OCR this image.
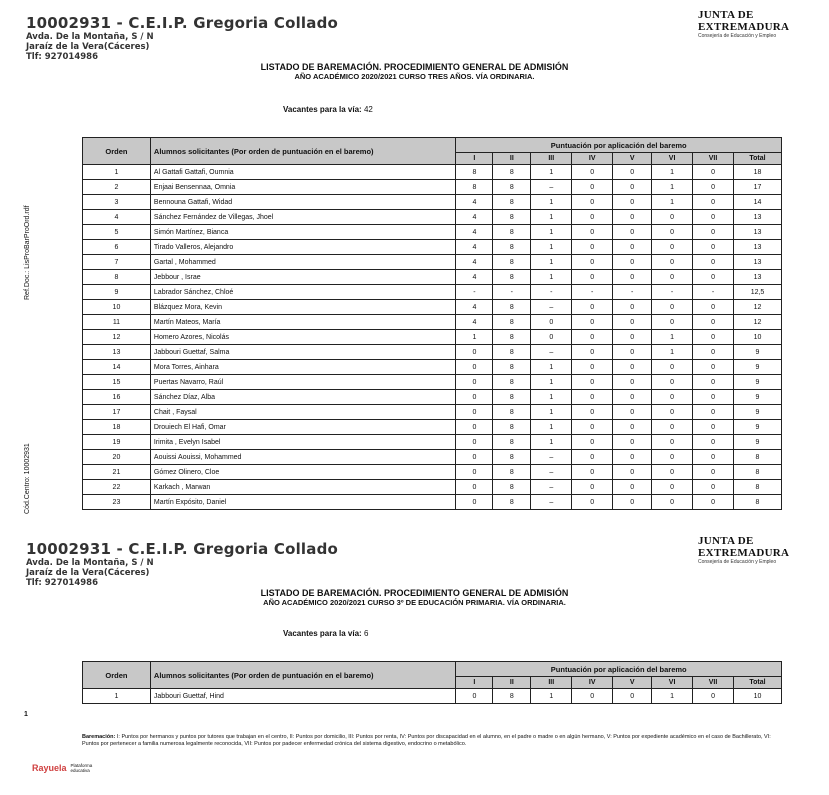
10002931 - C.E.I.P. Gregoria Collado
Avda. De la Montaña, S / N
Jaraíz de la Vera(Cáceres)
Tlf: 927014986
JUNTA DE EXTREMADURA
Consejería de Educación y Empleo
LISTADO DE BAREMACIÓN. PROCEDIMIENTO GENERAL DE ADMISIÓN
AÑO ACADÉMICO 2020/2021 CURSO TRES AÑOS. VÍA ORDINARIA.
Vacantes para la vía: 42
Ref.Doc.: LisProBarProOrd.rdf
Cód.Centro: 10002931
Orden	Alumnos solicitantes (Por orden de puntuación en el baremo)	Puntuación por aplicación del baremo							
		I	II	III	IV	V	VI	VII	Total
1	Al Gattafi Gattafi, Oumnia	8	8	1	0	0	1	0	18
2	Enjaai Bensennaa, Omnia	8	8	–	0	0	1	0	17
3	Bennouna Gattafi, Widad	4	8	1	0	0	1	0	14
4	Sánchez Fernández de Villegas, Jhoel	4	8	1	0	0	0	0	13
5	Simón Martínez, Bianca	4	8	1	0	0	0	0	13
6	Tirado Valleros, Alejandro	4	8	1	0	0	0	0	13
7	Gartal , Mohammed	4	8	1	0	0	0	0	13
8	Jebbour , Israe	4	8	1	0	0	0	0	13
9	Labrador Sánchez, Chloé	-	-	-	-	-	-	-	12,5
10	Blázquez Mora, Kevin	4	8	–	0	0	0	0	12
11	Martín Mateos, María	4	8	0	0	0	0	0	12
12	Homero Azores, Nicolás	1	8	0	0	0	1	0	10
13	Jabbouri Guettaf, Salma	0	8	–	0	0	1	0	9
14	Mora Torres, Ainhara	0	8	1	0	0	0	0	9
15	Puertas Navarro, Raúl	0	8	1	0	0	0	0	9
16	Sánchez Díaz, Alba	0	8	1	0	0	0	0	9
17	Chait , Faysal	0	8	1	0	0	0	0	9
18	Drouiech El Hafi, Omar	0	8	1	0	0	0	0	9
19	Irimita , Evelyn Isabel	0	8	1	0	0	0	0	9
20	Aouissi Aouissi, Mohammed	0	8	–	0	0	0	0	8
21	Gómez Olinero, Cloe	0	8	–	0	0	0	0	8
22	Karkach , Marwan	0	8	–	0	0	0	0	8
23	Martín Expósito, Daniel	0	8	–	0	0	0	0	8
10002931 - C.E.I.P. Gregoria Collado
Avda. De la Montaña, S / N
Jaraíz de la Vera(Cáceres)
Tlf: 927014986
JUNTA DE EXTREMADURA
Consejería de Educación y Empleo
LISTADO DE BAREMACIÓN. PROCEDIMIENTO GENERAL DE ADMISIÓN
AÑO ACADÉMICO 2020/2021 CURSO 3º DE EDUCACIÓN PRIMARIA. VÍA ORDINARIA.
Vacantes para la vía: 6
Orden	Alumnos solicitantes (Por orden de puntuación en el baremo)	Puntuación por aplicación del baremo							
		I	II	III	IV	V	VI	VII	Total
1	Jabbouri Guettaf, Hind	0	8	1	0	0	1	0	10
1
Baremación: I: Puntos por hermanos y puntos por tutores que trabajan en el centro, II: Puntos por domicilio, III: Puntos por renta, IV: Puntos por discapacidad en el alumno, en el padre o madre o en algún hermano, V: Puntos por expediente académico en el caso de Bachillerato, VI: Puntos por pertenecer a familia numerosa legalmente reconocida, VII: Puntos por padecer enfermedad crónica del sistema digestivo, endocrino o metabólico.
Rayuela Plataforma educativa
